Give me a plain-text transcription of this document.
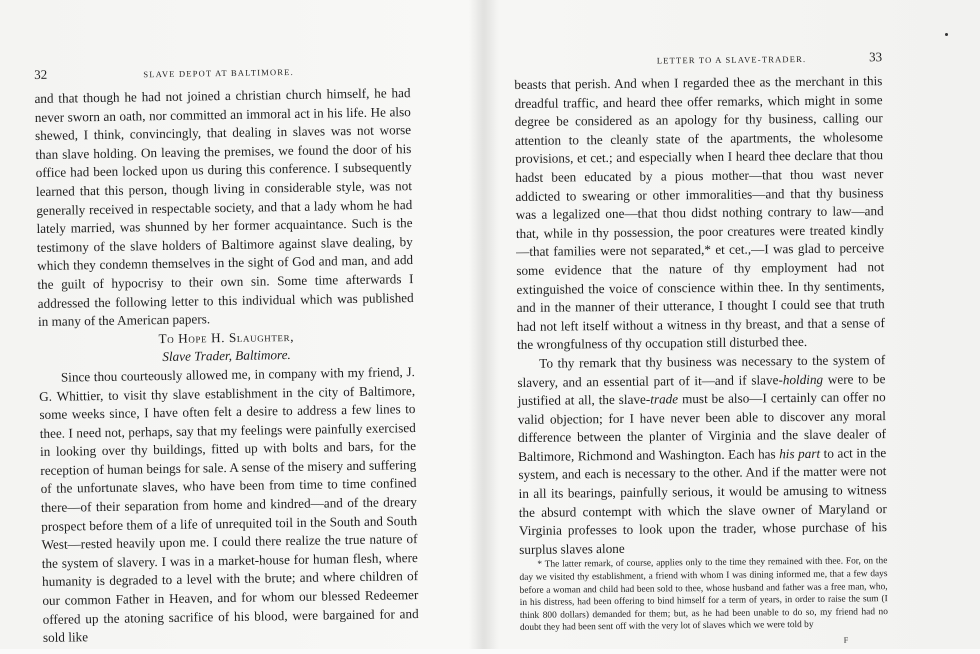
32	SLAVE DEPOT AT BALTIMORE.

and that though he had not joined a christian church himself, he had never sworn an oath, nor committed an immoral act in his life. He also shewed, I think, convincingly, that dealing in slaves was not worse than slave holding. On leaving the premises, we found the door of his office had been locked upon us during this conference. I subsequently learned that this person, though living in considerable style, was not generally received in respectable society, and that a lady whom he had lately married, was shunned by her former acquaintance. Such is the testimony of the slave holders of Baltimore against slave dealing, by which they condemn themselves in the sight of God and man, and add the guilt of hypocrisy to their own sin. Some time afterwards I addressed the following letter to this individual which was published in many of the American papers.

To Hope H. Slaughter,

Slave Trader, Baltimore.

Since thou courteously allowed me, in company with my friend, J. G. Whittier, to visit thy slave establishment in the city of Baltimore, some weeks since, I have often felt a desire to address a few lines to thee. I need not, perhaps, say that my feelings were painfully exercised in looking over thy buildings, fitted up with bolts and bars, for the reception of human beings for sale. A sense of the misery and suffering of the unfortunate slaves, who have been from time to time confined there—of their separation from home and kindred—and of the dreary prospect before them of a life of unrequited toil in the South and South West—rested heavily upon me. I could there realize the true nature of the system of slavery. I was in a market-house for human flesh, where humanity is degraded to a level with the brute; and where children of our common Father in Heaven, and for whom our blessed Redeemer offered up the atoning sacrifice of his blood, were bargained for and sold like

LETTER TO A SLAVE-TRADER.	33

beasts that perish. And when I regarded thee as the merchant in this dreadful traffic, and heard thee offer remarks, which might in some degree be considered as an apology for thy business, calling our attention to the cleanly state of the apartments, the wholesome provisions, et cet.; and especially when I heard thee declare that thou hadst been educated by a pious mother—that thou wast never addicted to swearing or other immoralities—and that thy business was a legalized one—that thou didst nothing contrary to law—and that, while in thy possession, the poor creatures were treated kindly—that families were not separated,* et cet.,—I was glad to perceive some evidence that the nature of thy employment had not extinguished the voice of conscience within thee. In thy sentiments, and in the manner of their utterance, I thought I could see that truth had not left itself without a witness in thy breast, and that a sense of the wrongfulness of thy occupation still disturbed thee.

To thy remark that thy business was necessary to the system of slavery, and an essential part of it—and if slave-holding were to be justified at all, the slave-trade must be also—I certainly can offer no valid objection; for I have never been able to discover any moral difference between the planter of Virginia and the slave dealer of Baltimore, Richmond and Washington. Each has his part to act in the system, and each is necessary to the other. And if the matter were not in all its bearings, painfully serious, it would be amusing to witness the absurd contempt with which the slave owner of Maryland or Virginia professes to look upon the trader, whose purchase of his surplus slaves alone

* The latter remark, of course, applies only to the time they remained with thee. For, on the day we visited thy establishment, a friend with whom I was dining informed me, that a few days before a woman and child had been sold to thee, whose husband and father was a free man, who, in his distress, had been offering to bind himself for a term of years, in order to raise the sum (I think 800 dollars) demanded for them; but, as he had been unable to do so, my friend had no doubt they had been sent off with the very lot of slaves which we were told by

F
